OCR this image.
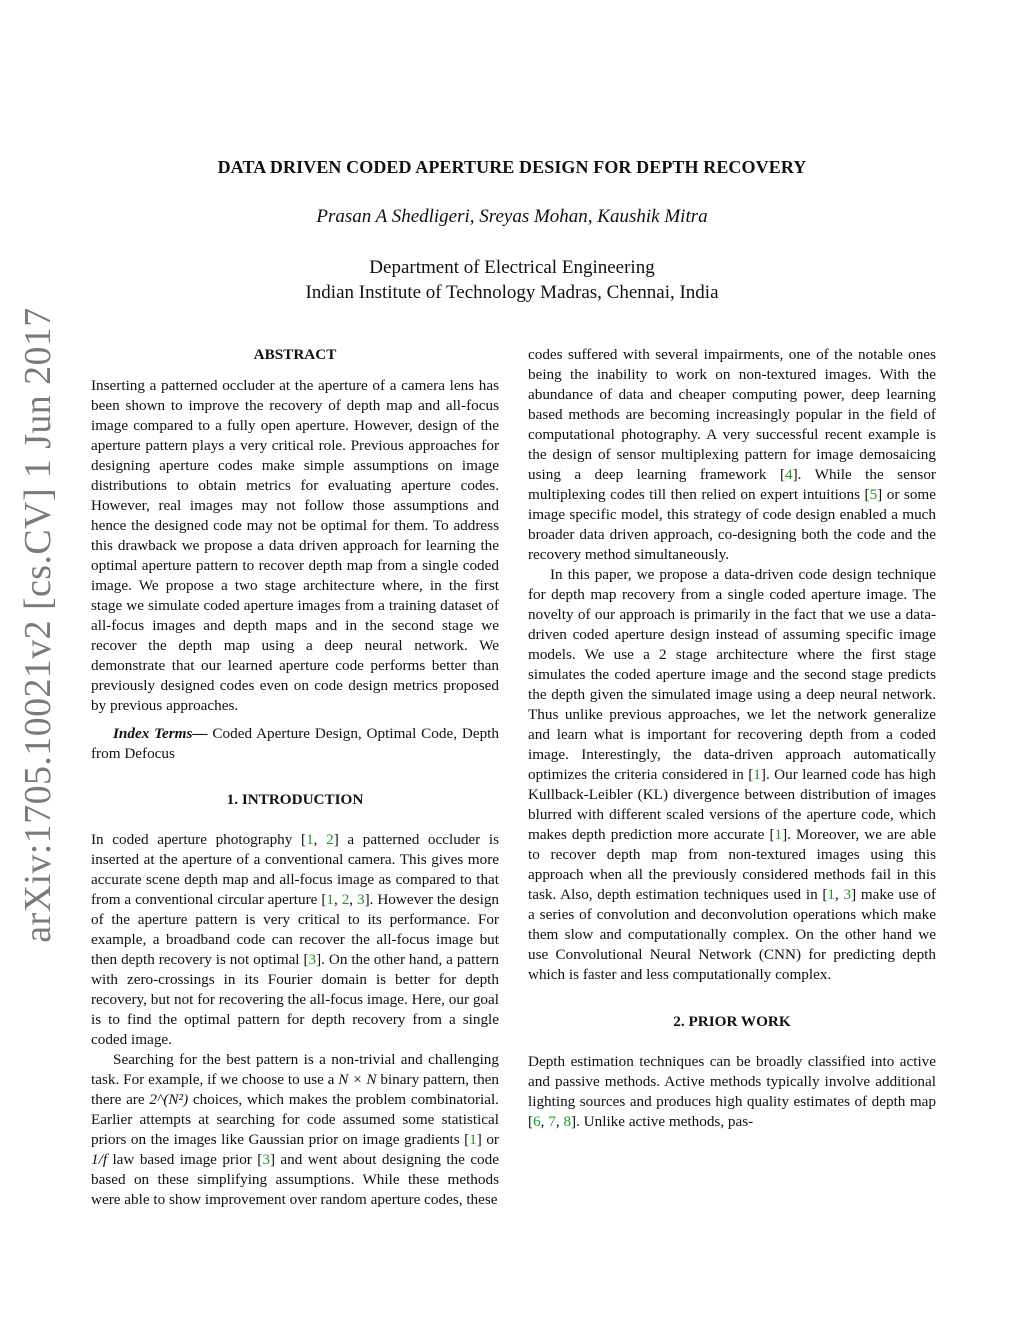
arXiv:1705.10021v2 [cs.CV] 1 Jun 2017
DATA DRIVEN CODED APERTURE DESIGN FOR DEPTH RECOVERY
Prasan A Shedligeri, Sreyas Mohan, Kaushik Mitra
Department of Electrical Engineering
Indian Institute of Technology Madras, Chennai, India
ABSTRACT

Inserting a patterned occluder at the aperture of a camera lens has been shown to improve the recovery of depth map and all-focus image compared to a fully open aperture. However, design of the aperture pattern plays a very critical role. Previous approaches for designing aperture codes make simple assumptions on image distributions to obtain metrics for evaluating aperture codes. However, real images may not follow those assumptions and hence the designed code may not be optimal for them. To address this drawback we propose a data driven approach for learning the optimal aperture pattern to recover depth map from a single coded image. We propose a two stage architecture where, in the first stage we simulate coded aperture images from a training dataset of all-focus images and depth maps and in the second stage we recover the depth map using a deep neural network. We demonstrate that our learned aperture code performs better than previously designed codes even on code design metrics proposed by previous approaches.

Index Terms— Coded Aperture Design, Optimal Code, Depth from Defocus

1. INTRODUCTION

In coded aperture photography [1, 2] a patterned occluder is inserted at the aperture of a conventional camera. This gives more accurate scene depth map and all-focus image as compared to that from a conventional circular aperture [1, 2, 3]. However the design of the aperture pattern is very critical to its performance. For example, a broadband code can recover the all-focus image but then depth recovery is not optimal [3]. On the other hand, a pattern with zero-crossings in its Fourier domain is better for depth recovery, but not for recovering the all-focus image. Here, our goal is to find the optimal pattern for depth recovery from a single coded image.

Searching for the best pattern is a non-trivial and challenging task. For example, if we choose to use a N × N binary pattern, then there are 2^(N²) choices, which makes the problem combinatorial. Earlier attempts at searching for code assumed some statistical priors on the images like Gaussian prior on image gradients [1] or 1/f law based image prior [3] and went about designing the code based on these simplifying assumptions. While these methods were able to show improvement over random aperture codes, these

codes suffered with several impairments, one of the notable ones being the inability to work on non-textured images. With the abundance of data and cheaper computing power, deep learning based methods are becoming increasingly popular in the field of computational photography. A very successful recent example is the design of sensor multiplexing pattern for image demosaicing using a deep learning framework [4]. While the sensor multiplexing codes till then relied on expert intuitions [5] or some image specific model, this strategy of code design enabled a much broader data driven approach, co-designing both the code and the recovery method simultaneously.

In this paper, we propose a data-driven code design technique for depth map recovery from a single coded aperture image. The novelty of our approach is primarily in the fact that we use a data-driven coded aperture design instead of assuming specific image models. We use a 2 stage architecture where the first stage simulates the coded aperture image and the second stage predicts the depth given the simulated image using a deep neural network. Thus unlike previous approaches, we let the network generalize and learn what is important for recovering depth from a coded image. Interestingly, the data-driven approach automatically optimizes the criteria considered in [1]. Our learned code has high Kullback-Leibler (KL) divergence between distribution of images blurred with different scaled versions of the aperture code, which makes depth prediction more accurate [1]. Moreover, we are able to recover depth map from non-textured images using this approach when all the previously considered methods fail in this task. Also, depth estimation techniques used in [1, 3] make use of a series of convolution and deconvolution operations which make them slow and computationally complex. On the other hand we use Convolutional Neural Network (CNN) for predicting depth which is faster and less computationally complex.

2. PRIOR WORK

Depth estimation techniques can be broadly classified into active and passive methods. Active methods typically involve additional lighting sources and produces high quality estimates of depth map [6, 7, 8]. Unlike active methods, pas-
